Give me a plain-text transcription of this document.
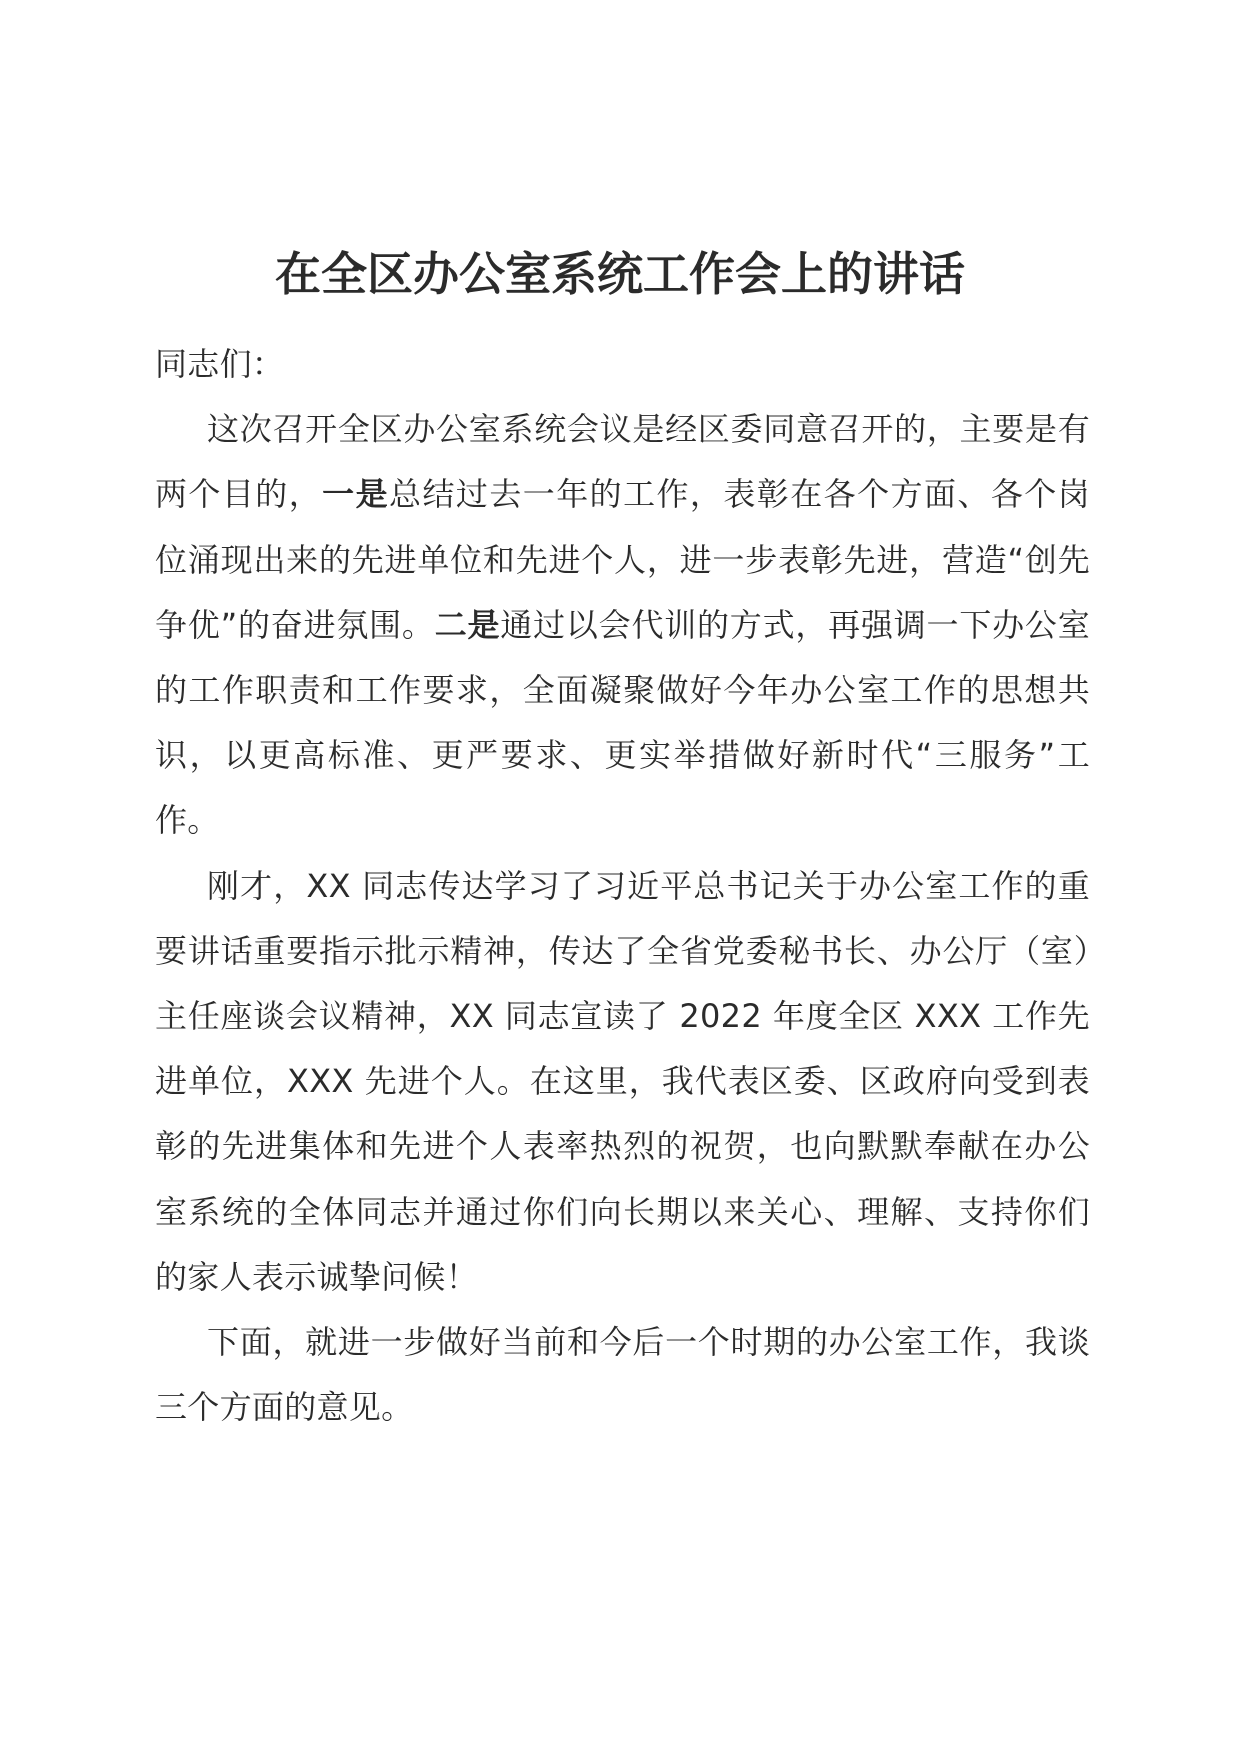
在全区办公室系统工作会上的讲话

同志们：

这次召开全区办公室系统会议是经区委同意召开的，主要是有两个目的，一是总结过去一年的工作，表彰在各个方面、各个岗位涌现出来的先进单位和先进个人，进一步表彰先进，营造“创先争优”的奋进氛围。二是通过以会代训的方式，再强调一下办公室的工作职责和工作要求，全面凝聚做好今年办公室工作的思想共识，以更高标准、更严要求、更实举措做好新时代“三服务”工作。

刚才，XX 同志传达学习了习近平总书记关于办公室工作的重要讲话重要指示批示精神，传达了全省党委秘书长、办公厅（室）主任座谈会议精神，XX 同志宣读了 2022 年度全区 XXX 工作先进单位，XXX 先进个人。在这里，我代表区委、区政府向受到表彰的先进集体和先进个人表率热烈的祝贺，也向默默奉献在办公室系统的全体同志并通过你们向长期以来关心、理解、支持你们的家人表示诚挚问候！

下面，就进一步做好当前和今后一个时期的办公室工作，我谈三个方面的意见。
